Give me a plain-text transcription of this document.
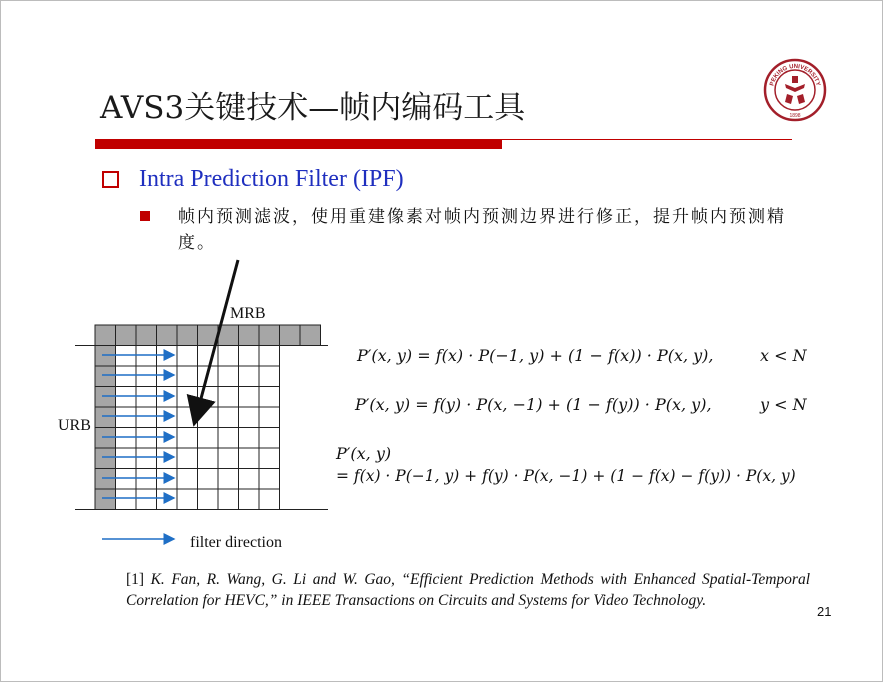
AVS3关键技术—帧内编码工具
PEKING UNIVERSITY
1898
Intra Prediction Filter (IPF)
帧内预测滤波，使用重建像素对帧内预测边界进行修正，提升帧内预测精度。
MRB
URB
filter direction
P′(x, y) = f(x) · P(−1, y) + (1 − f(x)) · P(x, y),	x < N
P′(x, y) = f(y) · P(x, −1) + (1 − f(y)) · P(x, y),	y < N
P′(x, y)
= f(x) · P(−1, y) + f(y) · P(x, −1) + (1 − f(x) − f(y)) · P(x, y)
[1] K. Fan, R. Wang, G. Li and W. Gao, “Efficient Prediction Methods with Enhanced Spatial-Temporal Correlation for HEVC,” in IEEE Transactions on Circuits and Systems for Video Technology.
21
